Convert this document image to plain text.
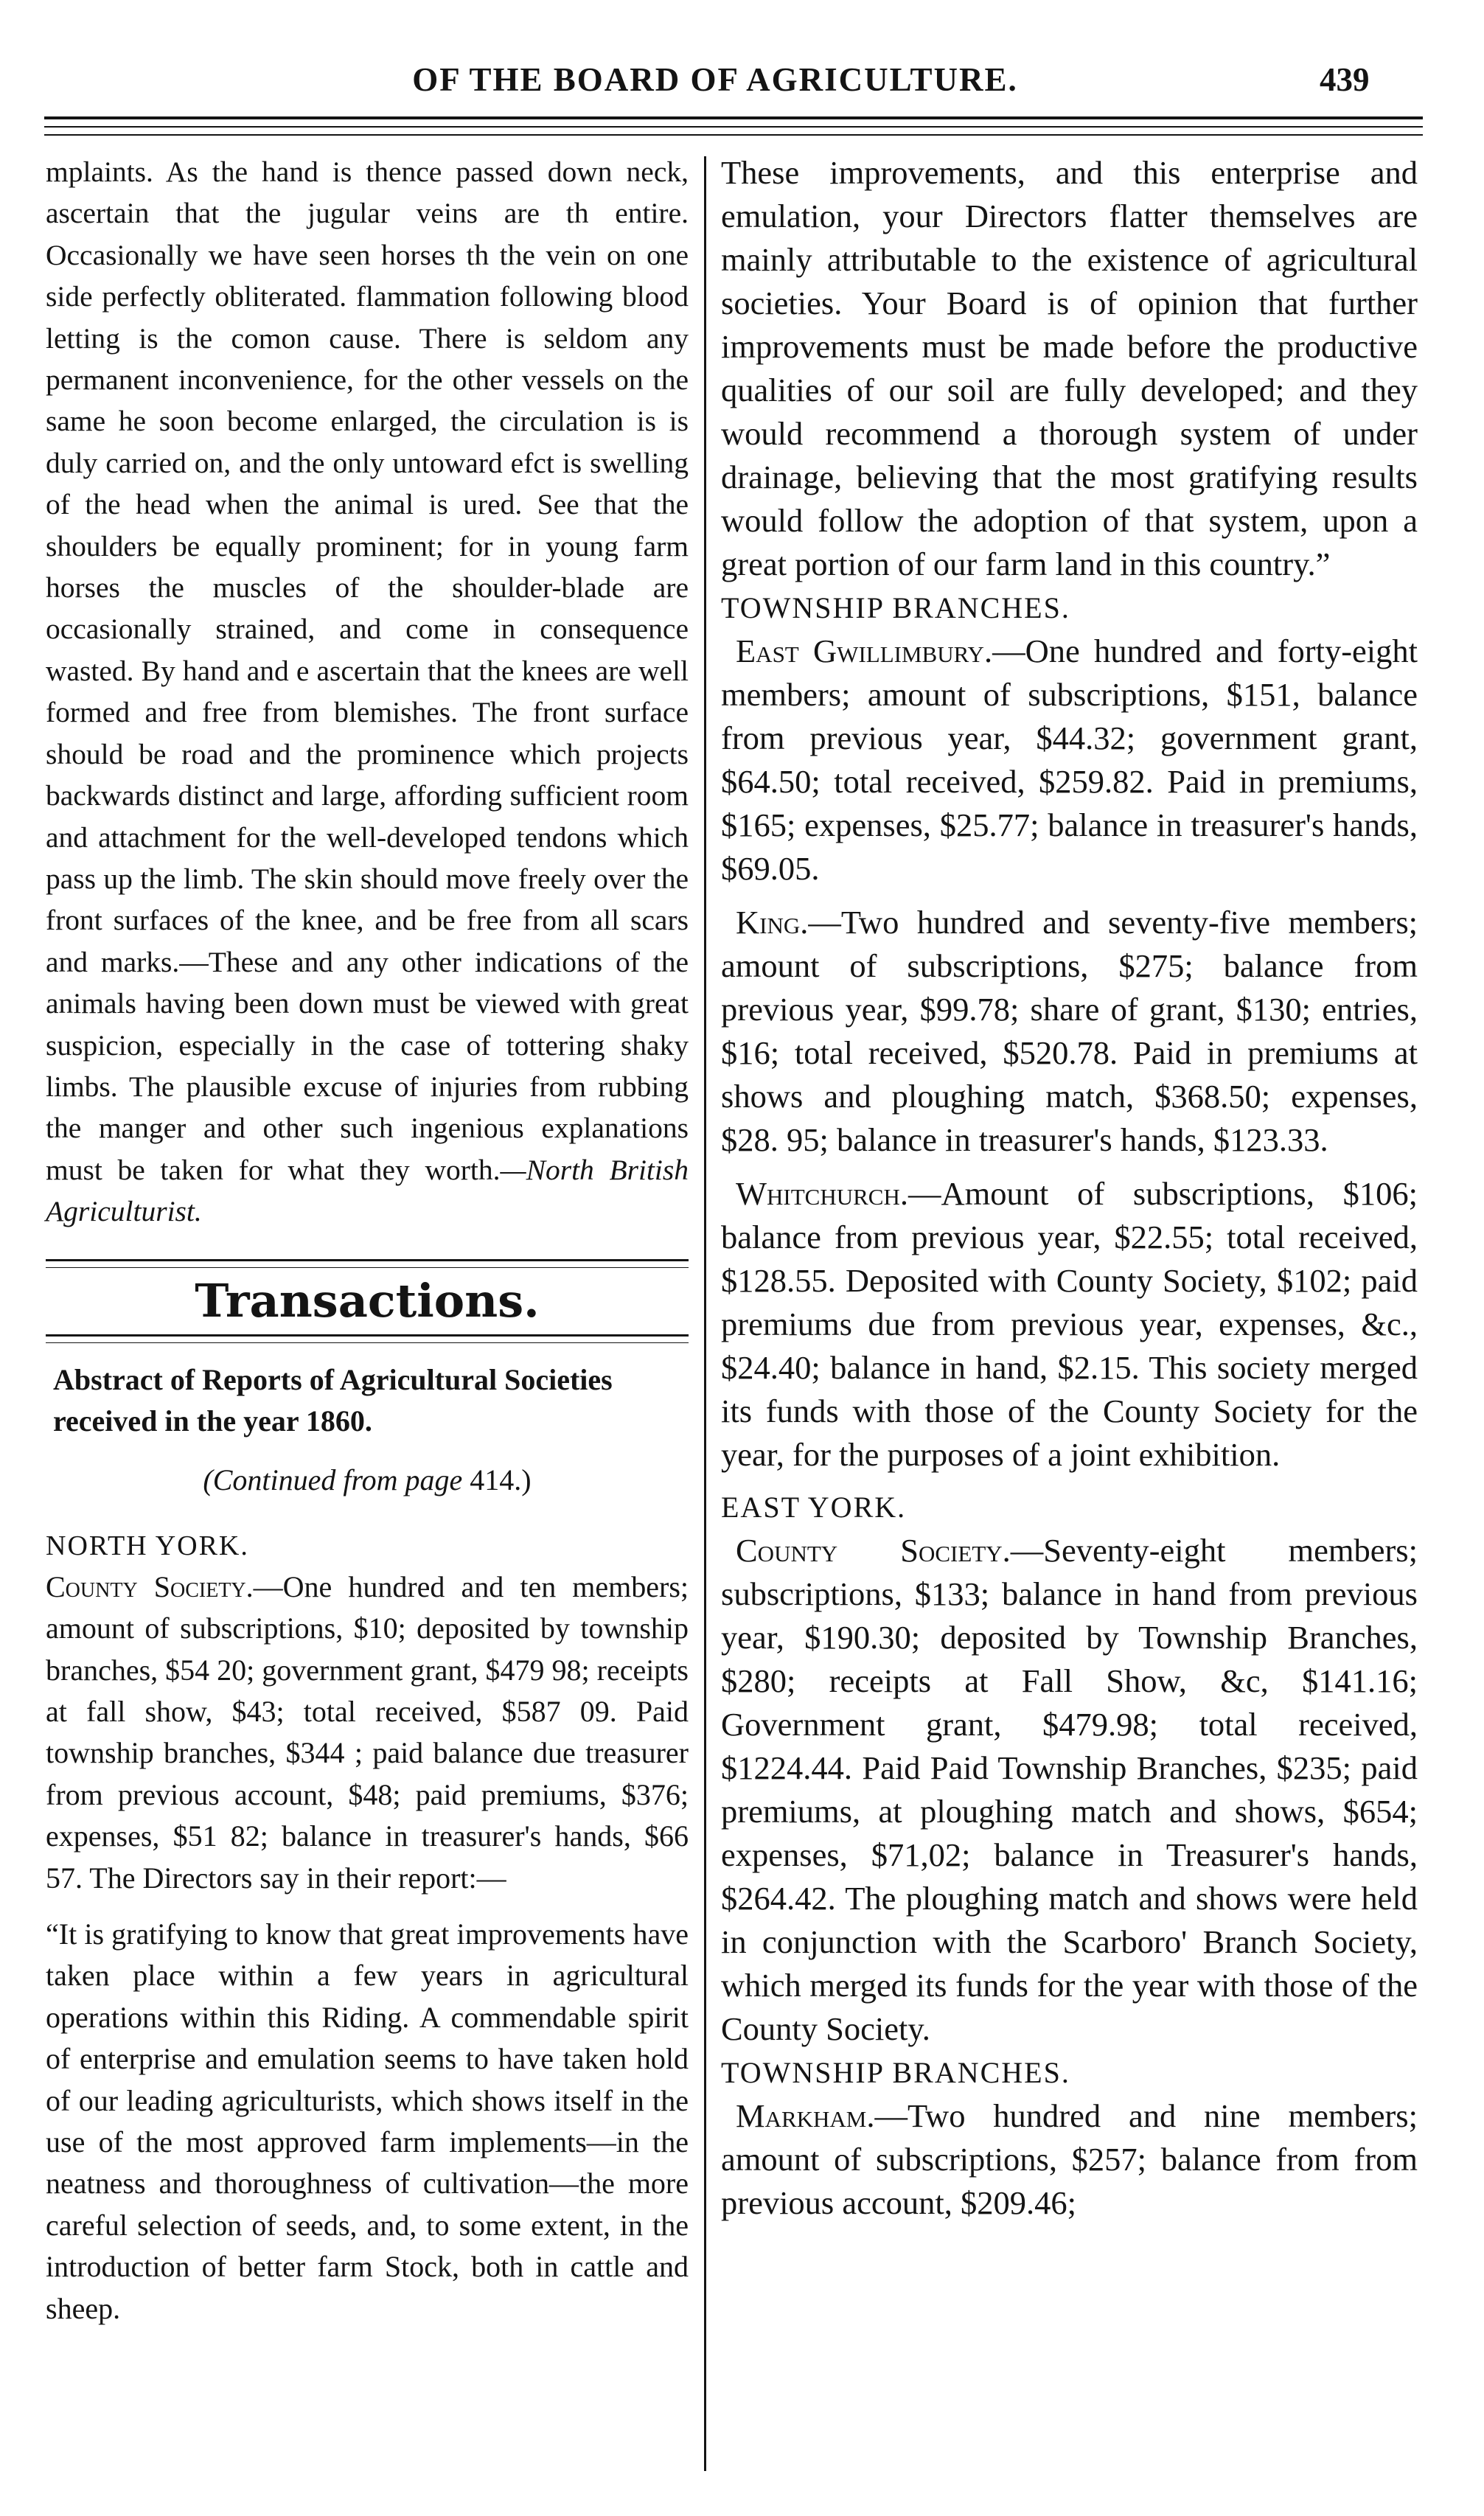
OF THE BOARD OF AGRICULTURE.	439

mplaints. As the hand is thence passed down neck, ascertain that the jugular veins are th entire. Occasionally we have seen horses th the vein on one side perfectly obliterated. flammation following blood letting is the comon cause. There is seldom any permanent inconvenience, for the other vessels on the same he soon become enlarged, the circulation is is duly carried on, and the only untoward efct is swelling of the head when the animal is ured. See that the shoulders be equally prominent; for in young farm horses the muscles of the shoulder-blade are occasionally strained, and come in consequence wasted. By hand and e ascertain that the knees are well formed and free from blemishes. The front surface should be road and the prominence which projects backwards distinct and large, affording sufficient room and attachment for the well-developed tendons which pass up the limb. The skin should move freely over the front surfaces of the knee, and be free from all scars and marks.—These and any other indications of the animals having been down must be viewed with great suspicion, especially in the case of tottering shaky limbs. The plausible excuse of injuries from rubbing the manger and other such ingenious explanations must be taken for what they worth.—North British Agriculturist.

Transactions.

Abstract of Reports of Agricultural Societies received in the year 1860.

(Continued from page 414.)

NORTH YORK.

County Society.—One hundred and ten members; amount of subscriptions, $10; deposited by township branches, $54 20; government grant, $479 98; receipts at fall show, $43; total received, $587 09. Paid township branches, $344 ; paid balance due treasurer from previous account, $48; paid premiums, $376; expenses, $51 82; balance in treasurer's hands, $66 57. The Directors say in their report:—

“It is gratifying to know that great improvements have taken place within a few years in agricultural operations within this Riding. A commendable spirit of enterprise and emulation seems to have taken hold of our leading agriculturists, which shows itself in the use of the most approved farm implements—in the neatness and thoroughness of cultivation—the more careful selection of seeds, and, to some extent, in the introduction of better farm Stock, both in cattle and sheep.

These improvements, and this enterprise and emulation, your Directors flatter themselves are mainly attributable to the existence of agricultural societies. Your Board is of opinion that further improvements must be made before the productive qualities of our soil are fully developed; and they would recommend a thorough system of under drainage, believing that the most gratifying results would follow the adoption of that system, upon a great portion of our farm land in this country.”

TOWNSHIP BRANCHES.

East Gwillimbury.—One hundred and forty-eight members; amount of subscriptions, $151, balance from previous year, $44.32; government grant, $64.50; total received, $259.82. Paid in premiums, $165; expenses, $25.77; balance in treasurer's hands, $69.05.

King.—Two hundred and seventy-five members; amount of subscriptions, $275; balance from previous year, $99.78; share of grant, $130; entries, $16; total received, $520.78. Paid in premiums at shows and ploughing match, $368.50; expenses, $28. 95; balance in treasurer's hands, $123.33.

Whitchurch.—Amount of subscriptions, $106; balance from previous year, $22.55; total received, $128.55. Deposited with County Society, $102; paid premiums due from previous year, expenses, &c., $24.40; balance in hand, $2.15. This society merged its funds with those of the County Society for the year, for the purposes of a joint exhibition.

EAST YORK.

County Society.—Seventy-eight members; subscriptions, $133; balance in hand from previous year, $190.30; deposited by Township Branches, $280; receipts at Fall Show, &c, $141.16; Government grant, $479.98; total received, $1224.44. Paid Paid Township Branches, $235; paid premiums, at ploughing match and shows, $654; expenses, $71,02; balance in Treasurer's hands, $264.42. The ploughing match and shows were held in conjunction with the Scarboro' Branch Society, which merged its funds for the year with those of the County Society.

TOWNSHIP BRANCHES.

Markham.—Two hundred and nine members; amount of subscriptions, $257; balance from from previous account, $209.46;
